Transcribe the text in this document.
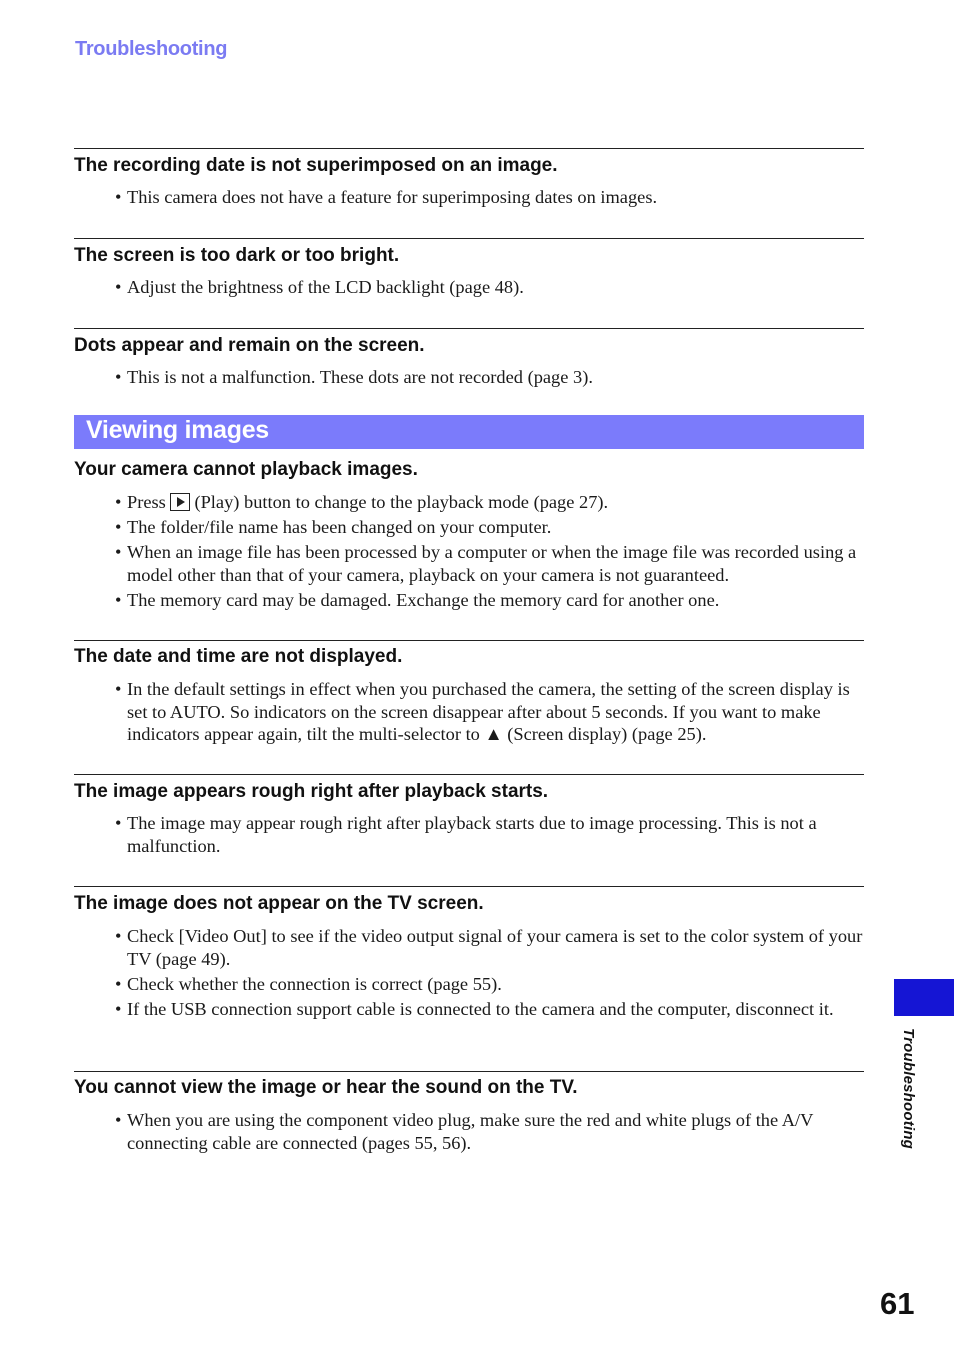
Troubleshooting
The recording date is not superimposed on an image.
• This camera does not have a feature for superimposing dates on images.
The screen is too dark or too bright.
• Adjust the brightness of the LCD backlight (page 48).
Dots appear and remain on the screen.
• This is not a malfunction. These dots are not recorded (page 3).
Viewing images
Your camera cannot playback images.
• Press (Play) button to change to the playback mode (page 27).
• The folder/file name has been changed on your computer.
• When an image file has been processed by a computer or when the image file was recorded using a model other than that of your camera, playback on your camera is not guaranteed.
• The memory card may be damaged. Exchange the memory card for another one.
The date and time are not displayed.
• In the default settings in effect when you purchased the camera, the setting of the screen display is set to AUTO. So indicators on the screen disappear after about 5 seconds. If you want to make indicators appear again, tilt the multi-selector to ▲ (Screen display) (page 25).
The image appears rough right after playback starts.
• The image may appear rough right after playback starts due to image processing. This is not a malfunction.
The image does not appear on the TV screen.
• Check [Video Out] to see if the video output signal of your camera is set to the color system of your TV (page 49).
• Check whether the connection is correct (page 55).
• If the USB connection support cable is connected to the camera and the computer, disconnect it.
You cannot view the image or hear the sound on the TV.
• When you are using the component video plug, make sure the red and white plugs of the A/V connecting cable are connected (pages 55, 56).	Troubleshooting
61
